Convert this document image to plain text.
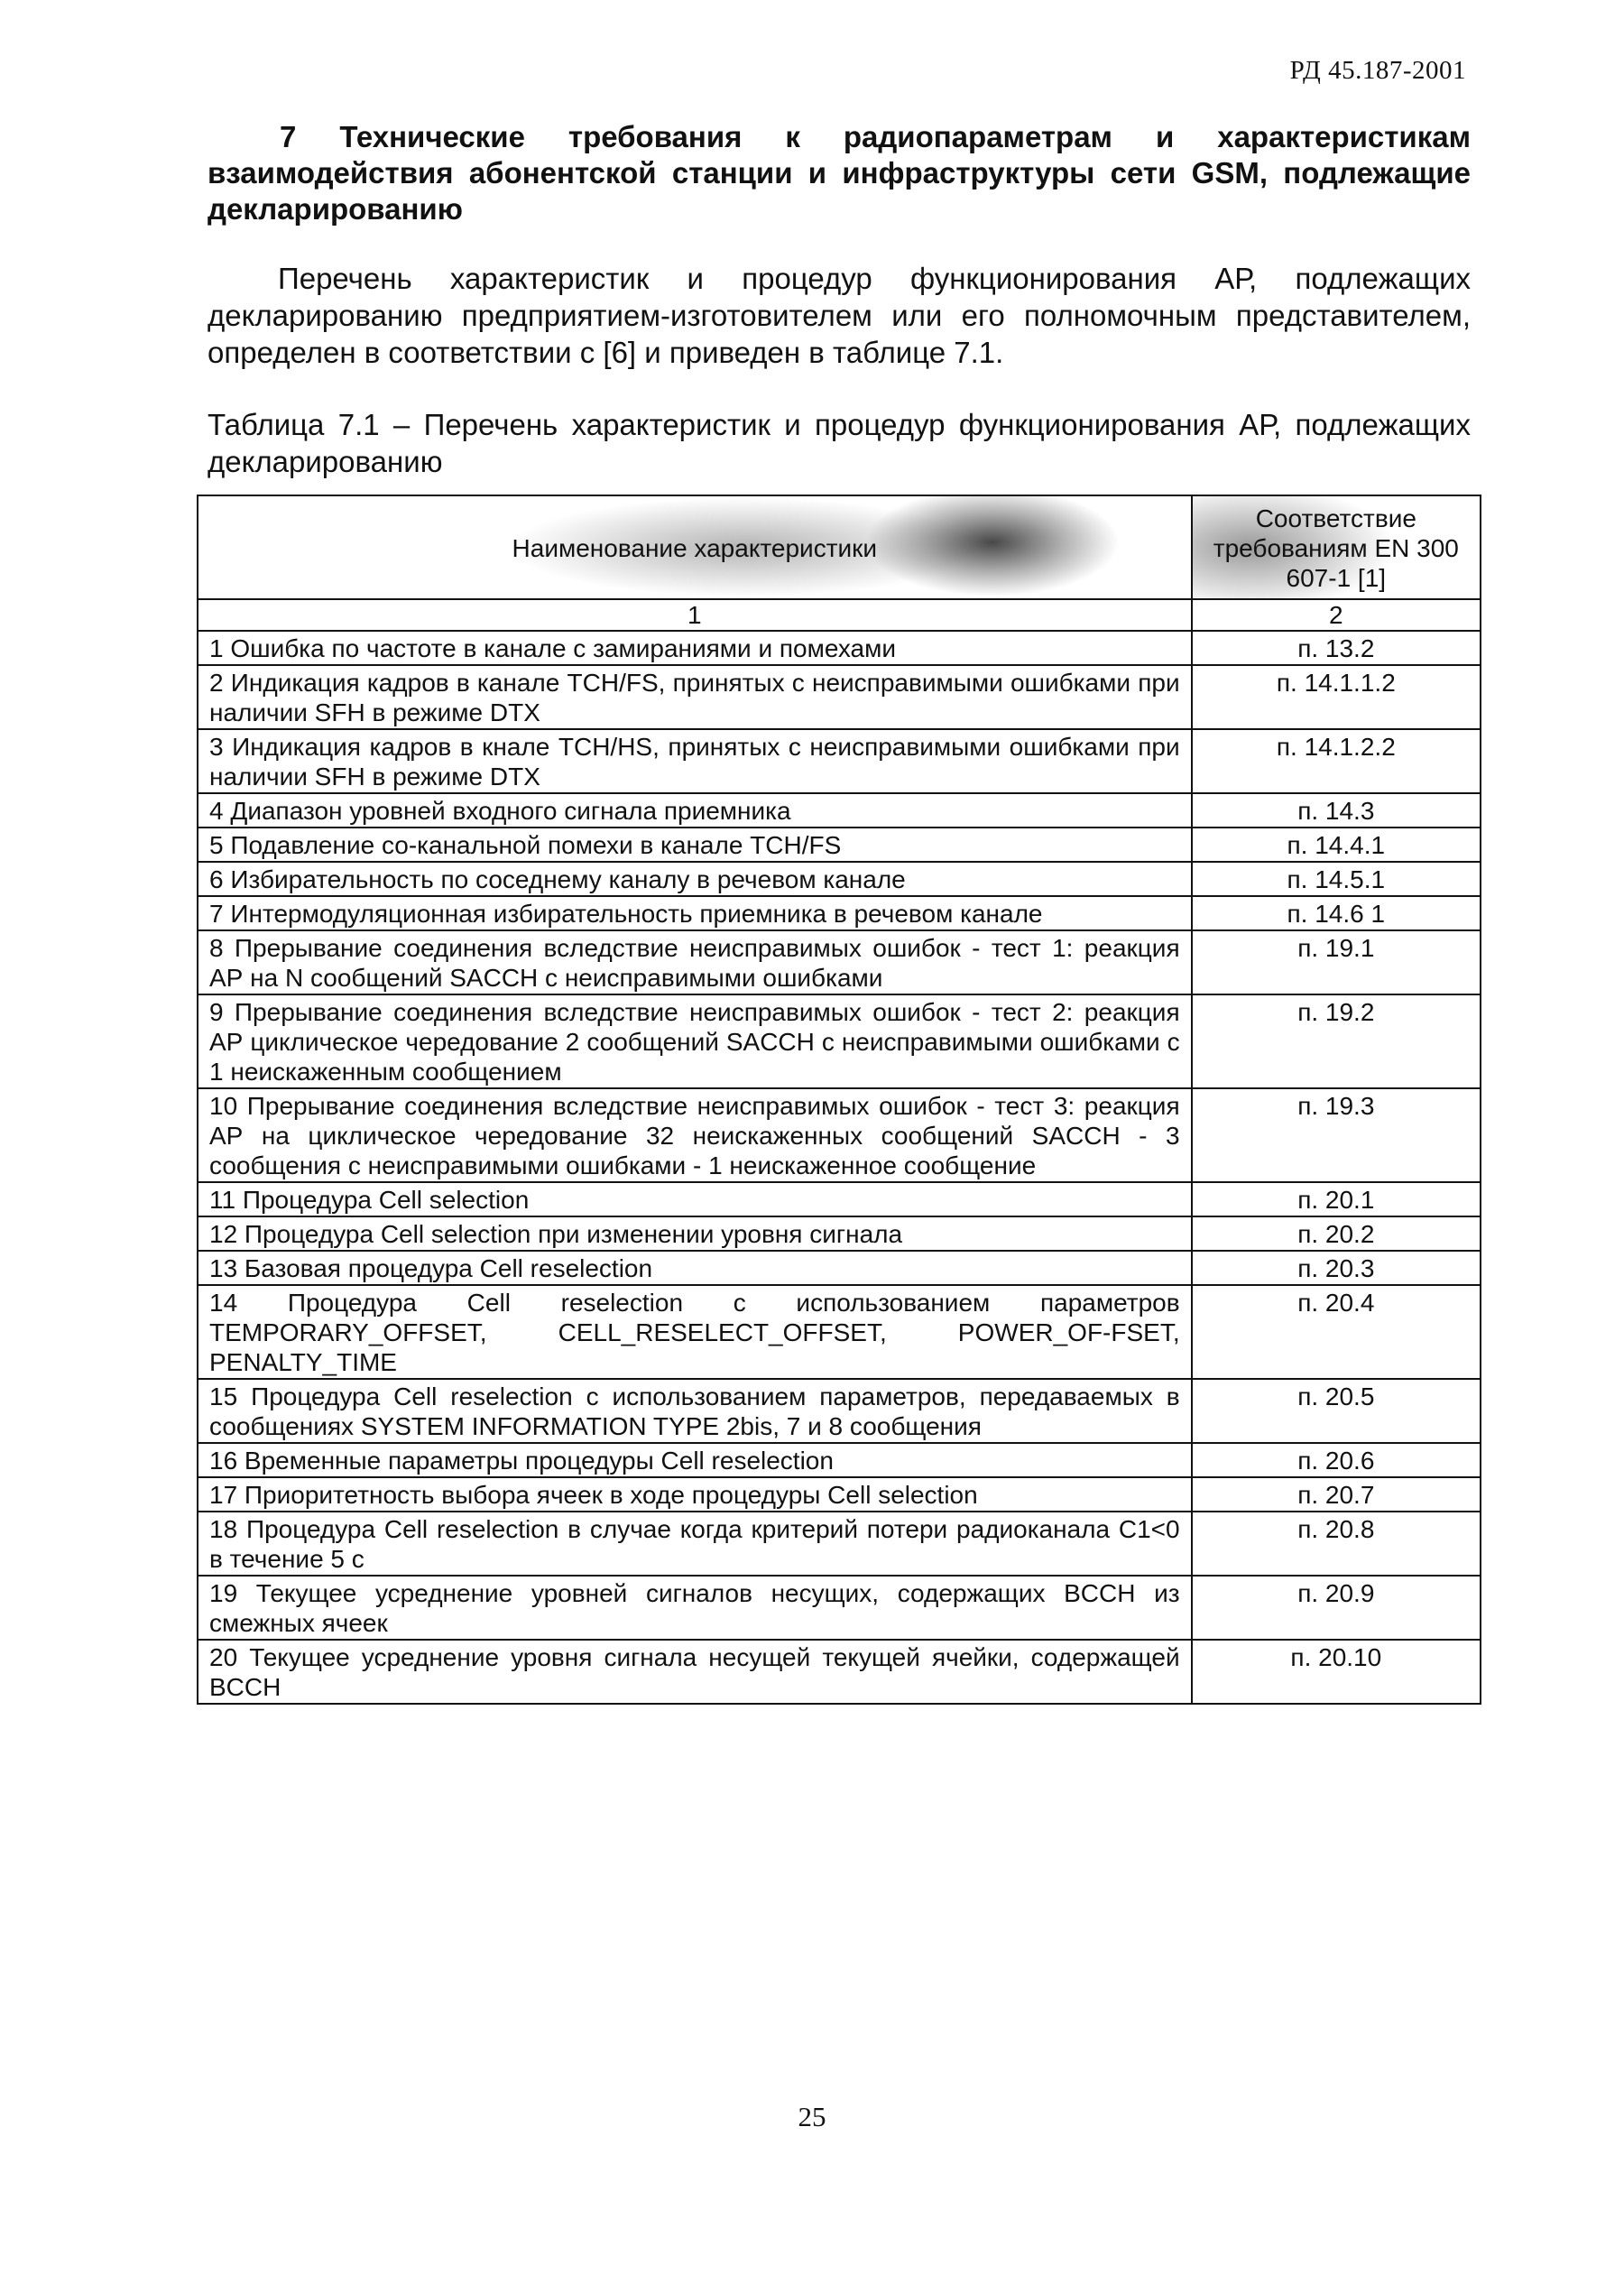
РД 45.187-2001
7 Технические требования к радиопараметрам и характеристикам взаимодействия абонентской станции и инфраструктуры сети GSM, подлежащие декларированию
Перечень характеристик и процедур функционирования АР, подлежащих декларированию предприятием-изготовителем или его полномочным представителем, определен в соответствии с [6] и приведен в таблице 7.1.
Таблица 7.1 – Перечень характеристик и процедур функционирования АР, подлежащих декларированию
Наименование характеристики	Соответствие требованиям EN 300 607-1 [1]
1	2
1 Ошибка по частоте в канале с замираниями и помехами	п. 13.2
2 Индикация кадров в канале TCH/FS, принятых с неисправимыми ошибками при наличии SFH в режиме DTX	п. 14.1.1.2
3 Индикация кадров в кнале TCH/HS, принятых с неисправимыми ошибками при наличии SFH в режиме DTX	п. 14.1.2.2
4 Диапазон уровней входного сигнала приемника	п. 14.3
5 Подавление со-канальной помехи в канале TCH/FS	п. 14.4.1
6 Избирательность по соседнему каналу в речевом канале	п. 14.5.1
7 Интермодуляционная избирательность приемника в речевом канале	п. 14.6 1
8 Прерывание соединения вследствие неисправимых ошибок - тест 1: реакция АР на N сообщений SACCH с неисправимыми ошибками	п. 19.1
9 Прерывание соединения вследствие неисправимых ошибок - тест 2: реакция АР циклическое чередование 2 сообщений SACCH с неисправимыми ошибками с 1 неискаженным сообщением	п. 19.2
10 Прерывание соединения вследствие неисправимых ошибок - тест 3: реакция АР на циклическое чередование 32 неискаженных сообщений SACCH - 3 сообщения с неисправимыми ошибками - 1 неискаженное сообщение	п. 19.3
11 Процедура Cell selection	п. 20.1
12 Процедура Cell selection при изменении уровня сигнала	п. 20.2
13 Базовая процедура Cell reselection	п. 20.3
14 Процедура Cell reselection с использованием параметров TEMPORARY_OFFSET, CELL_RESELECT_OFFSET, POWER_OF-FSET, PENALTY_TIME	п. 20.4
15 Процедура Cell reselection с использованием параметров, передаваемых в сообщениях SYSTEM INFORMATION TYPE 2bis, 7 и 8 сообщения	п. 20.5
16 Временные параметры процедуры Cell reselection	п. 20.6
17 Приоритетность выбора ячеек в ходе процедуры Cell selection	п. 20.7
18 Процедура Cell reselection в случае когда критерий потери радиоканала С1<0 в течение 5 с	п. 20.8
19 Текущее усреднение уровней сигналов несущих, содержащих BCCH из смежных ячеек	п. 20.9
20 Текущее усреднение уровня сигнала несущей текущей ячейки, содержащей BCCH	п. 20.10
25
